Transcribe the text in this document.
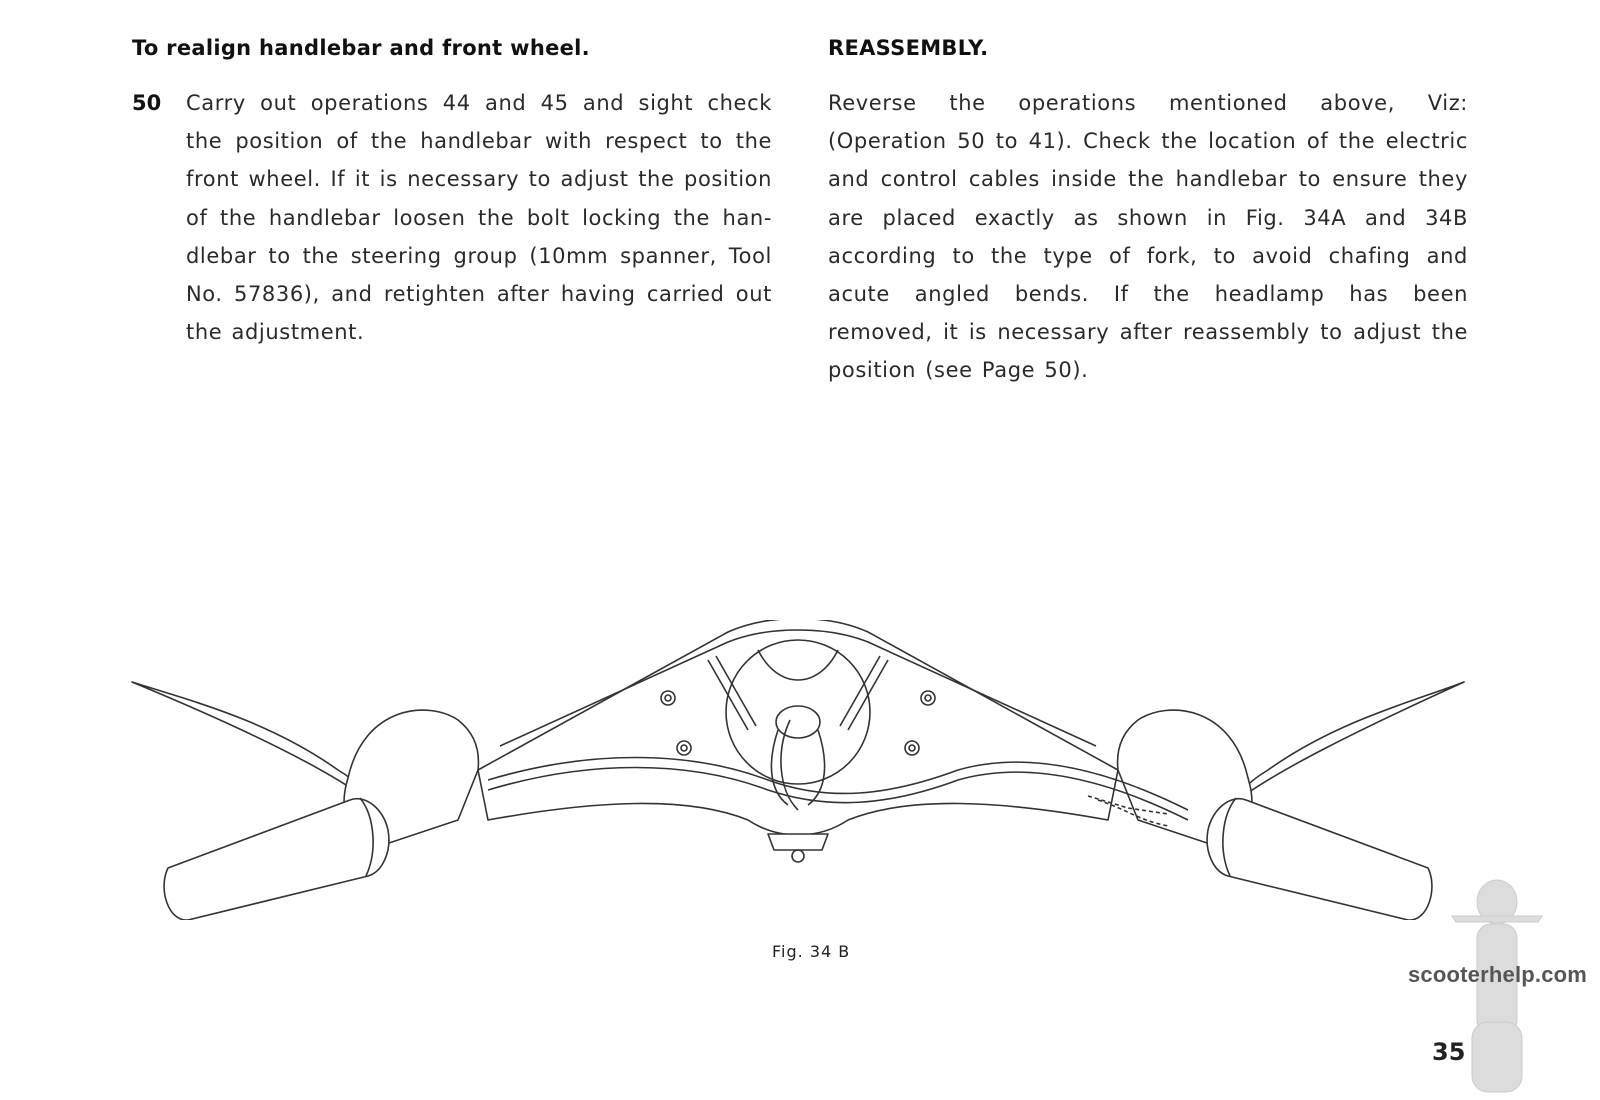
To realign handlebar and front wheel.
50	Carry out operations 44 and 45 and sight check the position of the handlebar with respect to the front wheel. If it is necessary to adjust the position of the handlebar loosen the bolt locking the han-dlebar to the steering group (10mm spanner, Tool No. 57836), and retighten after having carried out the adjustment.

REASSEMBLY.

Reverse the operations mentioned above, Viz: (Operation 50 to 41). Check the location of the electric and control cables inside the handlebar to ensure they are placed exactly as shown in Fig. 34A and 34B according to the type of fork, to avoid chafing and acute angled bends. If the headlamp has been removed, it is necessary after reassembly to adjust the position (see Page 50).

Fig. 34 B
scooterhelp.com
35
